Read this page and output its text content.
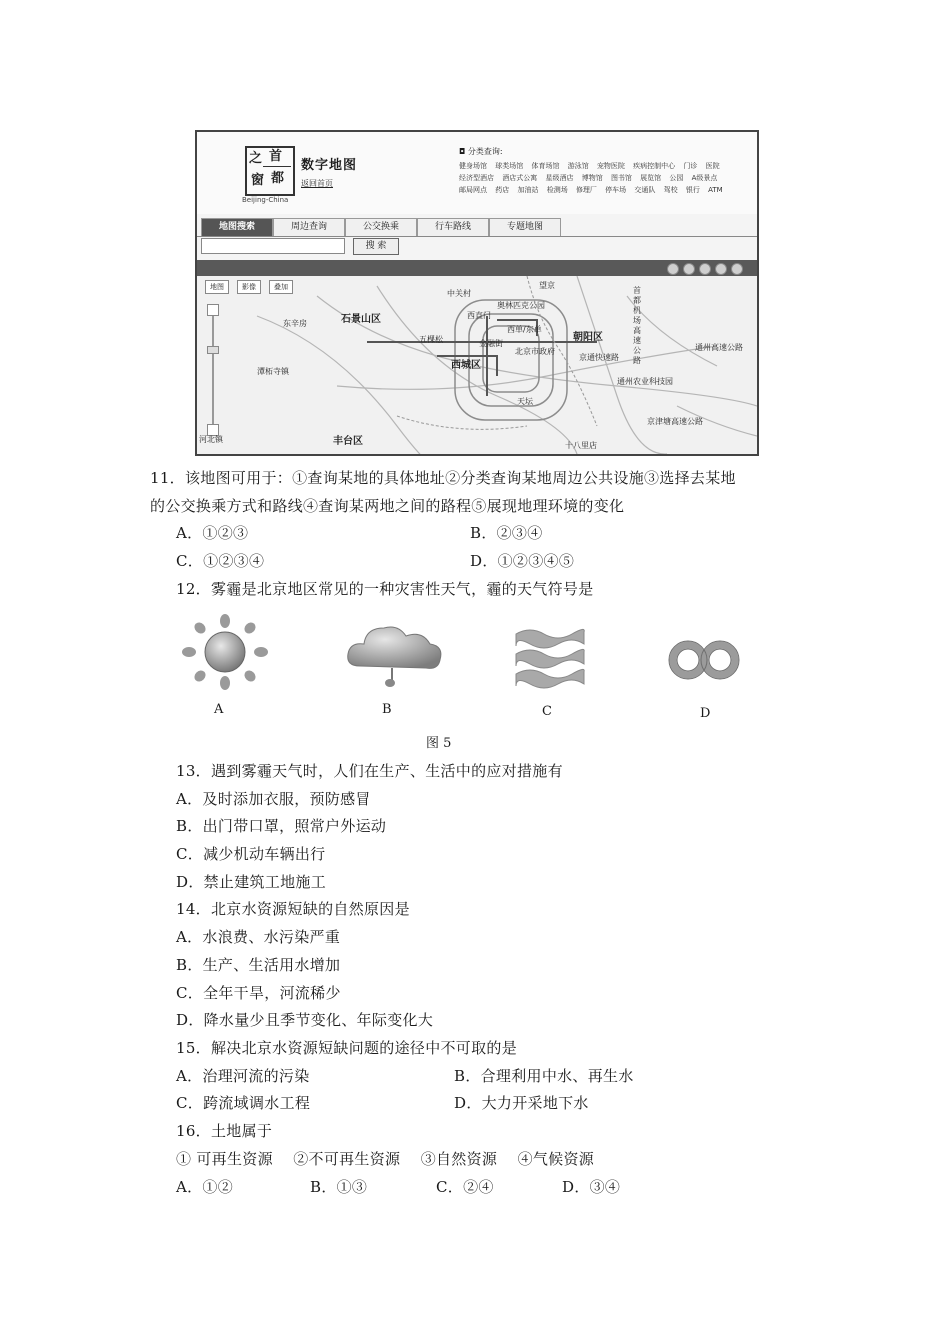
之 首
窗 都
Beijing-China
数字地图
返回首页
◘ 分类查询:
健身场馆 球类场馆 体育场馆 游泳馆 宠物医院 疾病控制中心 门诊 医院
经济型酒店 酒店式公寓 星级酒店 博物馆 图书馆 展览馆 公园 A级景点
邮局网点 药店 加油站 检测场 修理厂 停车场 交通队 驾校 银行 ATM
地图搜索	周边查询	公交换乘	行车路线	专题地图
搜 索
地图	影像	叠加
石景山区
西城区
朝阳区
丰台区
东辛房
潭柘寺镇
河北镇
五棵松	金融街
北京市政府
西单/东单
中关村
望京
京通快速路
通州高速公路
通州农业科技园
京津塘高速公路
十八里店
奥林匹克公园
首都机场高速公路
天坛
西直门
11．该地图可用于：①查询某地的具体地址②分类查询某地周边公共设施③选择去某地
的公交换乘方式和路线④查询某两地之间的路程⑤展现地理环境的变化
A．①②③	B．②③④
C．①②③④	D．①②③④⑤
12．雾霾是北京地区常见的一种灾害性天气，霾的天气符号是
A	B	C	D
图 5
13．遇到雾霾天气时，人们在生产、生活中的应对措施有
A．及时添加衣服，预防感冒
B．出门带口罩，照常户外运动
C．减少机动车辆出行
D．禁止建筑工地施工
14．北京水资源短缺的自然原因是
A．水浪费、水污染严重
B．生产、生活用水增加
C．全年干旱，河流稀少
D．降水量少且季节变化、年际变化大
15．解决北京水资源短缺问题的途径中不可取的是
A．治理河流的污染	B．合理利用中水、再生水
C．跨流域调水工程	D．大力开采地下水
16．土地属于
① 可再生资源　 ②不可再生资源　 ③自然资源　 ④气候资源
A．①②	B．①③	C．②④	D．③④
